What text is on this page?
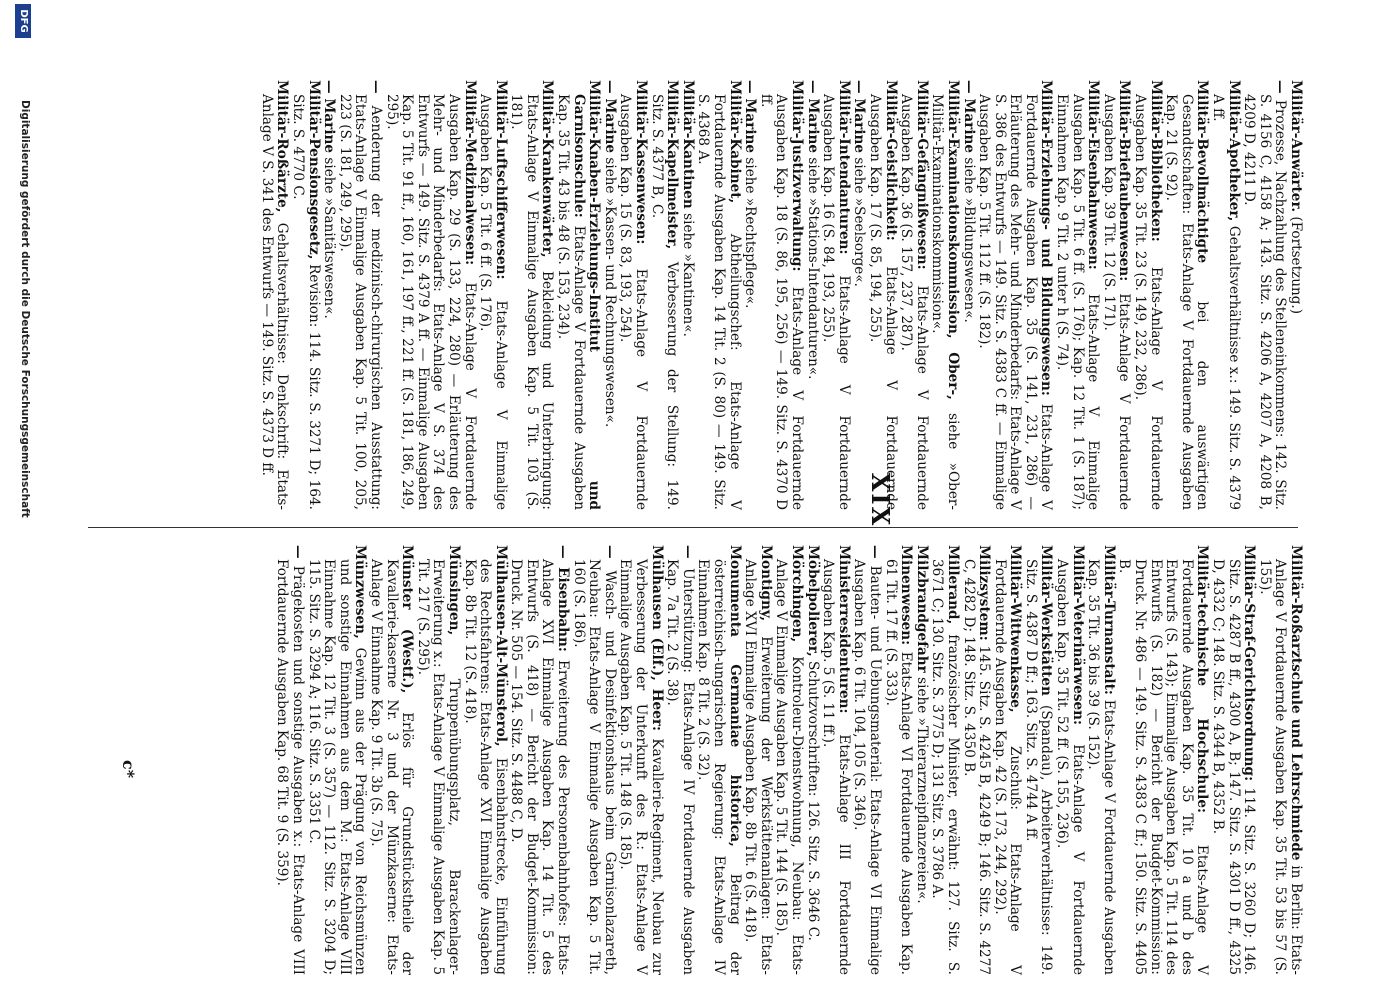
XIX
Digitalisierung gefördert durch die Deutsche Forschungsgemeinschaft
DFG
Militär-Anwärter. (Fortsetzung.)
— Prozesse, Nachzahlung des Stelleneinkommens: 142. Sitz. S. 4156 C, 4158 A; 143. Sitz. S. 4206 A, 4207 A, 4208 B, 4209 D, 4211 D.
Militär-Apotheker, Gehaltsverhältnisse x.: 149. Sitz. S. 4379 A ff.
Militär-Bevollmächtigte bei den auswärtigen Gesandtschaften: Etats-Anlage V Fortdauernde Ausgaben Kap. 21 (S. 92).
Militär-Bibliotheken: Etats-Anlage V Fortdauernde Ausgaben Kap. 35 Tit. 23 (S. 149, 232, 286).
Militär-Brieftaubenwesen: Etats-Anlage V Fortdauernde Ausgaben Kap. 39 Tit. 12 (S. 171).
Militär-Eisenbahnwesen: Etats-Anlage V Einmalige Ausgaben Kap. 5 Tit. 6 ff. (S. 176); Kap. 12 Tit. 1 (S. 187); Einnahmen Kap. 9 Tit. 2 unter h (S. 74).
Militär-Erziehungs- und Bildungswesen: Etats-Anlage V Fortdauernde Ausgaben Kap. 35 (S. 141, 231, 286) — Erläuterung des Mehr- und Minderbedarfs: Etats-Anlage V S. 386 des Entwurfs — 149. Sitz. S. 4383 C ff. — Einmalige Ausgaben Kap. 5 Tit. 112 ff. (S. 182).
— Marine siehe »Bildungswesen«.
Militär-Examinationskommission, Ober-, siehe »Ober-Militär-Examinationskommission«.
Militär-Gefängnißwesen: Etats-Anlage V Fortdauernde Ausgaben Kap. 36 (S. 157, 237, 287).
Militär-Geistlichkeit: Etats-Anlage V Fortdauernde Ausgaben Kap. 17 (S. 85, 194, 255).
— Marine siehe »Seelsorge«.
Militär-Intendanturen: Etats-Anlage V Fortdauernde Ausgaben Kap. 16 (S. 84, 193, 255).
— Marine siehe »Stations-Intendanturen«.
Militär-Justizverwaltung: Etats-Anlage V Fortdauernde Ausgaben Kap. 18 (S. 86, 195, 256) — 149. Sitz. S. 4370 D ff.
— Marine siehe »Rechtspflege«.
Militär-Kabinet, Abtheilungschef: Etats-Anlage V Fortdauernde Ausgaben Kap. 14 Tit. 2 (S. 80) — 149. Sitz. S. 4368 A.
Militär-Kantinen siehe »Kantinen«.
Militär-Kapellmeister, Verbesserung der Stellung: 149. Sitz. S. 4377 B, C.
Militär-Kassenwesen: Etats-Anlage V Fortdauernde Ausgaben Kap. 15 (S. 83, 193, 254).
— Marine siehe »Kassen- und Rechnungswesen«.
Militär-Knaben-Erziehungs-Institut und Garnisonschule: Etats-Anlage V Fortdauernde Ausgaben Kap. 35 Tit. 43 bis 48 (S. 153, 234).
Militär-Krankenwärter, Bekleidung und Unterbringung: Etats-Anlage V Einmalige Ausgaben Kap. 5 Tit. 103 (S. 181).
Militär-Luftschifferwesen: Etats-Anlage V Einmalige Ausgaben Kap. 5 Tit. 6 ff. (S. 176).
Militär-Medizinalwesen: Etats-Anlage V Fortdauernde Ausgaben Kap. 29 (S. 133, 224, 280) — Erläuterung des Mehr- und Minderbedarfs: Etats-Anlage V S. 374 des Entwurfs — 149. Sitz. S. 4379 A ff. — Einmalige Ausgaben Kap. 5 Tit. 91 ff., 160, 161, 197 ff., 221 ff. (S. 181, 186, 249, 295).
— Aenderung der medizinisch-chirurgischen Ausstattung: Etats-Anlage V Einmalige Ausgaben Kap. 5 Tit. 100, 205, 223 (S. 181, 249, 295).
— Marine siehe »Sanitätswesen«.
Militär-Pensionsgesetz, Revision: 114. Sitz. S. 3271 D; 164. Sitz. S. 4770 C.
Militär-Roßärzte, Gehaltsverhältnisse: Denkschrift: Etats-Anlage V S. 341 des Entwurfs — 149. Sitz. S. 4373 D ff.
Militär-Roßarztschule und Lehrschmiede in Berlin: Etats-Anlage V Fortdauernde Ausgaben Kap. 35 Tit. 53 bis 57 (S. 155).
Militär-Straf-Gerichtsordnung: 114. Sitz. S. 3260 D; 146. Sitz. S. 4287 B ff., 4300 A, B; 147. Sitz. S. 4301 D ff., 4325 D, 4332 C; 148. Sitz. S. 4344 B, 4352 B.
Militär-technische Hochschule: Etats-Anlage V Fortdauernde Ausgaben Kap. 35 Tit. 10 a und b des Entwurfs (S. 143); Einmalige Ausgaben Kap. 5 Tit. 114 des Entwurfs (S. 182) — Bericht der Budget-Kommission: Druck. Nr. 486 — 149. Sitz. S. 4383 C ff.; 150. Sitz. S. 4405 B.
Militär-Turnanstalt: Etats-Anlage V Fortdauernde Ausgaben Kap. 35 Tit. 36 bis 39 (S. 152).
Militär-Veterinärwesen: Etats-Anlage V Fortdauernde Ausgaben Kap. 35 Tit. 52 ff. (S. 155, 236).
Militär-Werkstätten (Spandau), Arbeiterverhältnisse: 149. Sitz. S. 4387 D ff.; 163. Sitz. S. 4744 A ff.
Militär-Wittwenkasse, Zuschuß: Etats-Anlage V Fortdauernde Ausgaben Kap. 42 (S. 173, 244, 292).
Milizsystem: 145. Sitz. S. 4245 B, 4249 B; 146. Sitz. S. 4277 C, 4282 D; 148. Sitz. S. 4350 B.
Millerand, französischer Minister, erwähnt: 127. Sitz. S. 3671 C; 130. Sitz. S. 3775 D; 131 Sitz. S. 3786 A.
Milzbrandgefahr siehe »Thierarzneipflanzereien«.
Minenwesen: Etats-Anlage VI Fortdauernde Ausgaben Kap. 61 Tit. 17 ff. (S. 333).
— Bauten- und Uebungsmaterial: Etats-Anlage VI Einmalige Ausgaben Kap. 6 Tit. 104, 105 (S. 346).
Ministerresidenturen: Etats-Anlage III Fortdauernde Ausgaben Kap. 5 (S. 11 ff.).
Möbelpolierer, Schutzvorschriften: 126. Sitz. S. 3646 C.
Mörchingen, Kontroleur-Dienstwohnung, Neubau: Etats-Anlage V Einmalige Ausgaben Kap. 5 Tit. 144 (S. 185).
Montigny, Erweiterung der Werkstättenanlagen: Etats-Anlage XVI Einmalige Ausgaben Kap. 8b Tit. 6 (S. 418).
Monumenta Germaniae historica, Beitrag der österreichisch-ungarischen Regierung: Etats-Anlage IV Einnahmen Kap. 8 Tit. 2 (S. 32).
— Unterstützung: Etats-Anlage IV Fortdauernde Ausgaben Kap. 7a Tit. 2 (S. 38).
Mülhausen (Elf.), Heer: Kavallerie-Regiment, Neubau zur Verbesserung der Unterkunft des R.: Etats-Anlage V Einmalige Ausgaben Kap. 5 Tit. 148 (S. 185).
— Wasch- und Desinfektionshaus beim Garnisonlazareth, Neubau: Etats-Anlage V Einmalige Ausgaben Kap. 5 Tit. 160 (S. 186).
— Eisenbahn: Erweiterung des Personenbahnhofes: Etats-Anlage XVI Einmalige Ausgaben Kap. 14 Tit. 5 des Entwurfs (S. 418) — Bericht der Budget-Kommission: Druck. Nr. 505 — 154. Sitz. S. 4488 C, D.
Mülhausen-Alt-Münsterol, Eisenbahnstrecke, Einführung des Rechtsfahrens: Etats-Anlage XVI Einmalige Ausgaben Kap. 8b Tit. 12 (S. 418).
Münsingen, Truppenübungsplatz, Barackenlager-Erweiterung x.: Etats-Anlage V Einmalige Ausgaben Kap. 5 Tit. 217 (S. 295).
Münster (Westf.), Erlös für Grundstückstheile der Kavallerie-kaserne Nr. 3 und der Münzkaserne: Etats-Anlage V Einnahme Kap. 9 Tit. 3b (S. 75).
Münzwesen, Gewinn aus der Prägung von Reichsmünzen und sonstige Einnahmen aus dem M.: Etats-Anlage VIII Einnahme Kap. 12 Tit. 3 (S. 357) — 112. Sitz. S. 3204 D; 115. Sitz. S. 3294 A; 116. Sitz. S. 3351 C.
— Prägekosten und sonstige Ausgaben x.: Etats-Anlage VIII Fortdauernde Ausgaben Kap. 68 Tit. 9 (S. 359).
c*
